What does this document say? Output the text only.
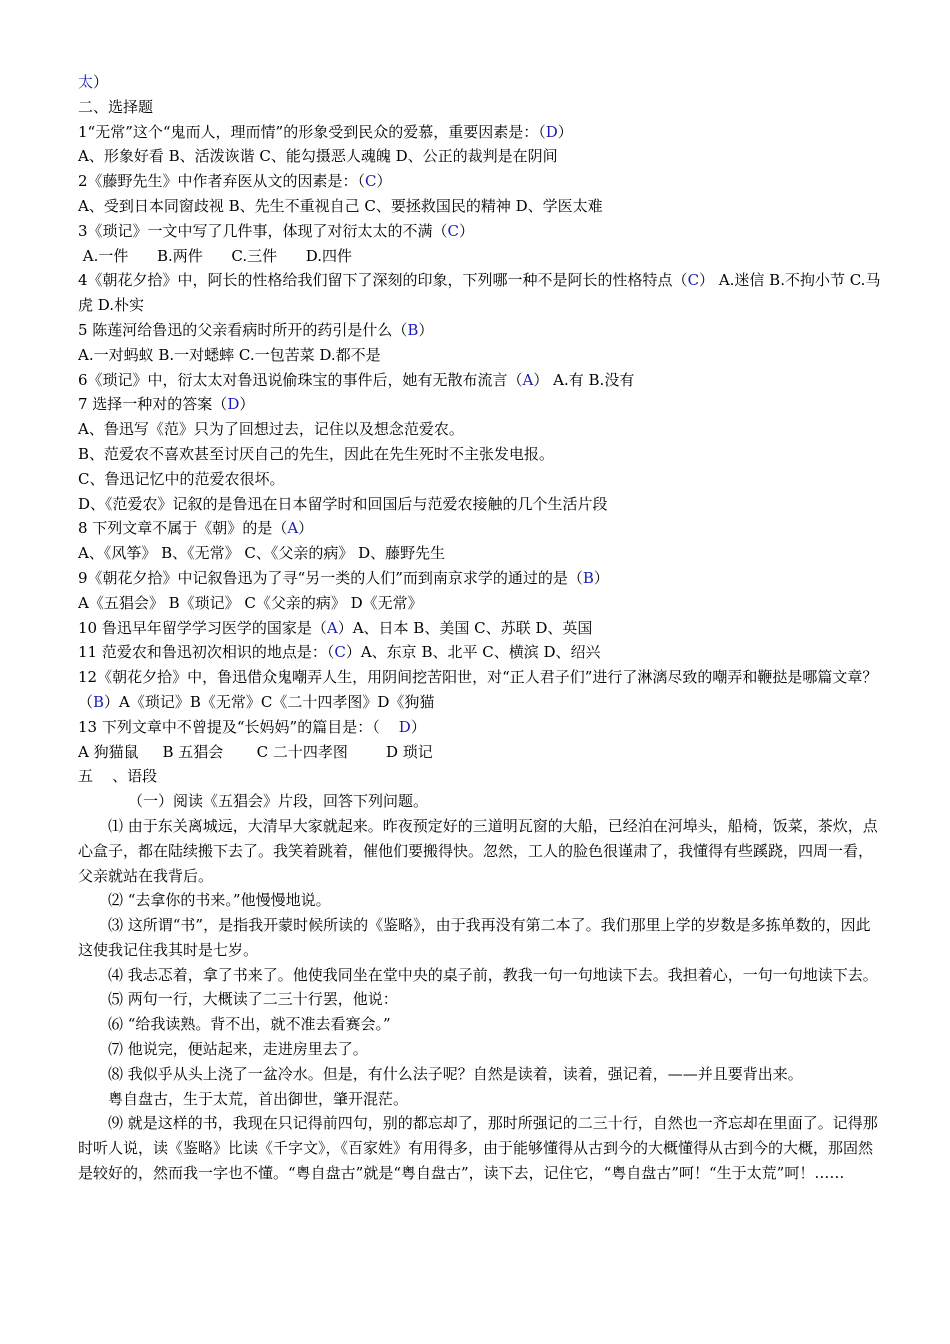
太）
二、选择题
1“无常”这个“鬼而人，理而情”的形象受到民众的爱慕，重要因素是：（D）
A、形象好看 B、活泼诙谐 C、能勾摄恶人魂魄 D、公正的裁判是在阴间
2《藤野先生》中作者弃医从文的因素是：（C）
A、受到日本同窗歧视 B、先生不重视自己 C、要拯救国民的精神 D、学医太难
3《琐记》一文中写了几件事，体现了对衍太太的不满（C）
A.一件      B.两件      C.三件      D.四件
4《朝花夕拾》中，阿长的性格给我们留下了深刻的印象，下列哪一种不是阿长的性格特点（C） A.迷信 B.不拘小节 C.马虎 D.朴实
5 陈莲河给鲁迅的父亲看病时所开的药引是什么（B）
A.一对蚂蚁 B.一对蟋蟀 C.一包苦菜 D.都不是
6《琐记》中，衍太太对鲁迅说偷珠宝的事件后，她有无散布流言（A） A.有 B.没有
7 选择一种对的答案（D）
A、鲁迅写《范》只为了回想过去，记住以及想念范爱农。
B、范爱农不喜欢甚至讨厌自己的先生，因此在先生死时不主张发电报。
C、鲁迅记忆中的范爱农很坏。
D、《范爱农》记叙的是鲁迅在日本留学时和回国后与范爱农接触的几个生活片段
8 下列文章不属于《朝》的是（A）
A、《风筝》 B、《无常》 C、《父亲的病》 D、藤野先生
9《朝花夕拾》中记叙鲁迅为了寻“另一类的人们”而到南京求学的通过的是（B）
A《五猖会》 B《琐记》 C《父亲的病》 D《无常》
10 鲁迅早年留学学习医学的国家是（A）A、日本 B、美国 C、苏联 D、英国
11 范爱农和鲁迅初次相识的地点是：（C）A、东京 B、北平 C、横滨 D、绍兴
12《朝花夕拾》中，鲁迅借众鬼嘲弄人生，用阴间挖苦阳世，对“正人君子们”进行了淋漓尽致的嘲弄和鞭挞是哪篇文章？（B）A《琐记》B《无常》C《二十四孝图》D《狗猫
13 下列文章中不曾提及“长妈妈”的篇目是：（    D）
A 狗猫鼠     B 五猖会       C 二十四孝图        D 琐记
五    、语段
（一）阅读《五猖会》片段，回答下列问题。
⑴ 由于东关离城远，大清早大家就起来。昨夜预定好的三道明瓦窗的大船，已经泊在河埠头，船椅，饭菜，茶炊，点心盒子，都在陆续搬下去了。我笑着跳着，催他们要搬得快。忽然，工人的脸色很谨肃了，我懂得有些蹊跷，四周一看，父亲就站在我背后。
⑵ “去拿你的书来。”他慢慢地说。
⑶ 这所谓“书”，是指我开蒙时候所读的《鉴略》，由于我再没有第二本了。我们那里上学的岁数是多拣单数的，因此这使我记住我其时是七岁。
⑷ 我忐忑着，拿了书来了。他使我同坐在堂中央的桌子前，教我一句一句地读下去。我担着心，一句一句地读下去。
⑸ 两句一行，大概读了二三十行罢，他说：
⑹ “给我读熟。背不出，就不准去看赛会。”
⑺ 他说完，便站起来，走进房里去了。
⑻ 我似乎从头上浇了一盆冷水。但是，有什么法子呢？自然是读着，读着，强记着，——并且要背出来。
粤自盘古，生于太荒，首出御世，肇开混茫。
⑼ 就是这样的书，我现在只记得前四句，别的都忘却了，那时所强记的二三十行，自然也一齐忘却在里面了。记得那时听人说，读《鉴略》比读《千字文》，《百家姓》有用得多，由于能够懂得从古到今的大概懂得从古到今的大概，那固然是较好的，然而我一字也不懂。“粤自盘古”就是“粤自盘古”，读下去，记住它，“粤自盘古”呵！“生于太荒”呵！……
